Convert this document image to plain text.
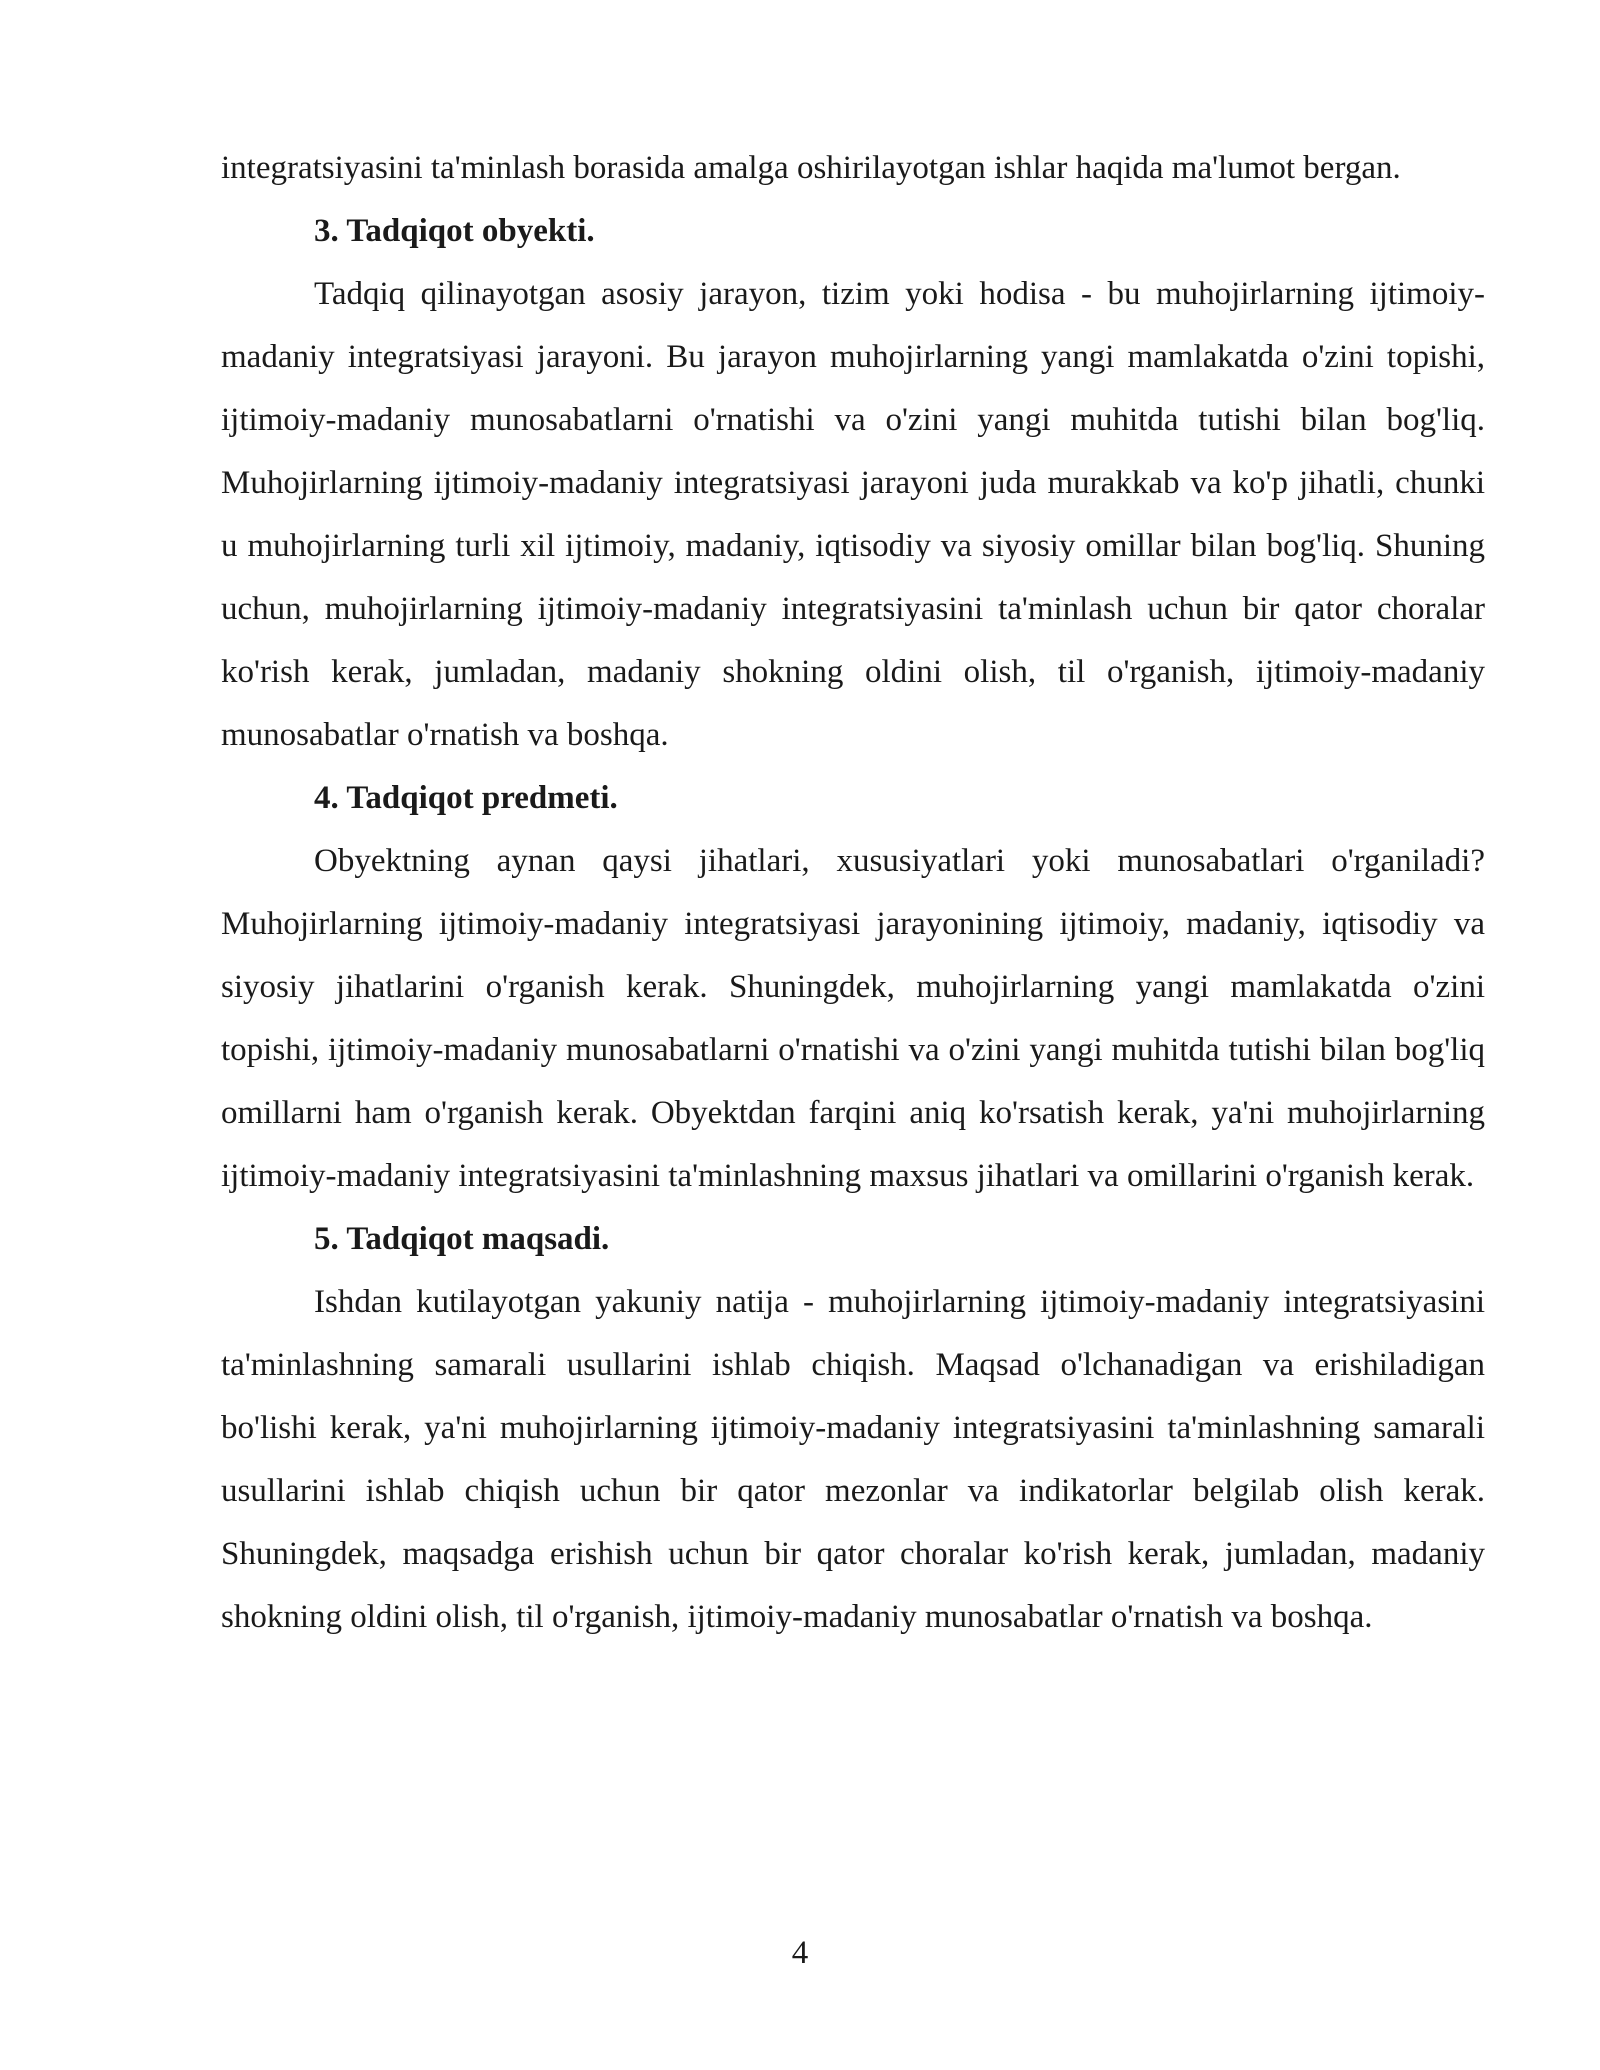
integratsiyasini ta'minlash borasida amalga oshirilayotgan ishlar haqida ma'lumot bergan.

3. Tadqiqot obyekti.

Tadqiq qilinayotgan asosiy jarayon, tizim yoki hodisa - bu muhojirlarning ijtimoiy-madaniy integratsiyasi jarayoni. Bu jarayon muhojirlarning yangi mamlakatda o'zini topishi, ijtimoiy-madaniy munosabatlarni o'rnatishi va o'zini yangi muhitda tutishi bilan bog'liq. Muhojirlarning ijtimoiy-madaniy integratsiyasi jarayoni juda murakkab va ko'p jihatli, chunki u muhojirlarning turli xil ijtimoiy, madaniy, iqtisodiy va siyosiy omillar bilan bog'liq. Shuning uchun, muhojirlarning ijtimoiy-madaniy integratsiyasini ta'minlash uchun bir qator choralar ko'rish kerak, jumladan, madaniy shokning oldini olish, til o'rganish, ijtimoiy-madaniy munosabatlar o'rnatish va boshqa.

4. Tadqiqot predmeti.

Obyektning aynan qaysi jihatlari, xususiyatlari yoki munosabatlari o'rganiladi? Muhojirlarning ijtimoiy-madaniy integratsiyasi jarayonining ijtimoiy, madaniy, iqtisodiy va siyosiy jihatlarini o'rganish kerak. Shuningdek, muhojirlarning yangi mamlakatda o'zini topishi, ijtimoiy-madaniy munosabatlarni o'rnatishi va o'zini yangi muhitda tutishi bilan bog'liq omillarni ham o'rganish kerak. Obyektdan farqini aniq ko'rsatish kerak, ya'ni muhojirlarning ijtimoiy-madaniy integratsiyasini ta'minlashning maxsus jihatlari va omillarini o'rganish kerak.

5. Tadqiqot maqsadi.

Ishdan kutilayotgan yakuniy natija - muhojirlarning ijtimoiy-madaniy integratsiyasini ta'minlashning samarali usullarini ishlab chiqish. Maqsad o'lchanadigan va erishiladigan bo'lishi kerak, ya'ni muhojirlarning ijtimoiy-madaniy integratsiyasini ta'minlashning samarali usullarini ishlab chiqish uchun bir qator mezonlar va indikatorlar belgilab olish kerak. Shuningdek, maqsadga erishish uchun bir qator choralar ko'rish kerak, jumladan, madaniy shokning oldini olish, til o'rganish, ijtimoiy-madaniy munosabatlar o'rnatish va boshqa.

4
